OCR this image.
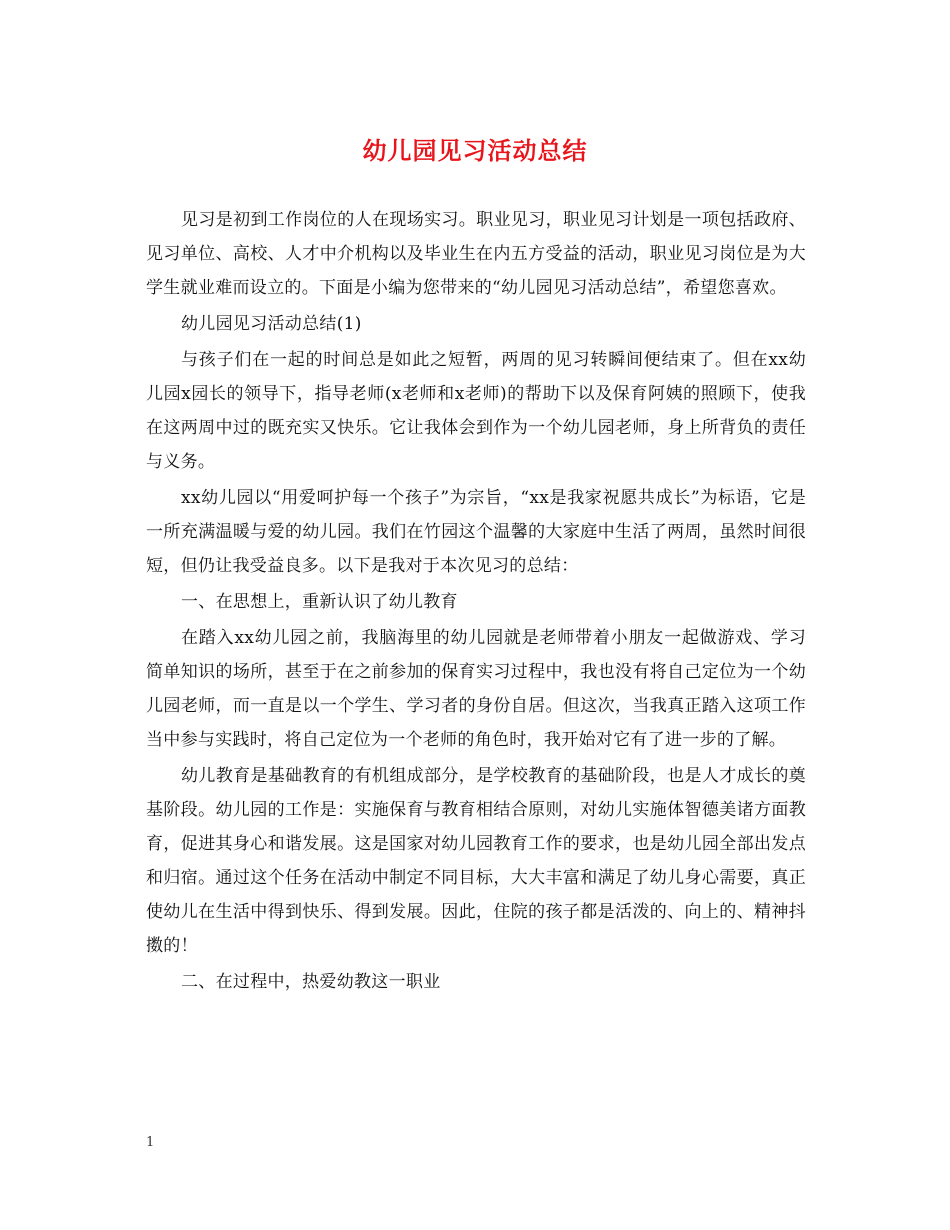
幼儿园见习活动总结

见习是初到工作岗位的人在现场实习。职业见习，职业见习计划是一项包括政府、见习单位、高校、人才中介机构以及毕业生在内五方受益的活动，职业见习岗位是为大学生就业难而设立的。下面是小编为您带来的“幼儿园见习活动总结”，希望您喜欢。

幼儿园见习活动总结(1)

与孩子们在一起的时间总是如此之短暂，两周的见习转瞬间便结束了。但在xx幼儿园x园长的领导下，指导老师(x老师和x老师)的帮助下以及保育阿姨的照顾下，使我在这两周中过的既充实又快乐。它让我体会到作为一个幼儿园老师，身上所背负的责任与义务。

xx幼儿园以“用爱呵护每一个孩子”为宗旨，“xx是我家祝愿共成长”为标语，它是一所充满温暖与爱的幼儿园。我们在竹园这个温馨的大家庭中生活了两周，虽然时间很短，但仍让我受益良多。以下是我对于本次见习的总结：

一、在思想上，重新认识了幼儿教育

在踏入xx幼儿园之前，我脑海里的幼儿园就是老师带着小朋友一起做游戏、学习简单知识的场所，甚至于在之前参加的保育实习过程中，我也没有将自己定位为一个幼儿园老师，而一直是以一个学生、学习者的身份自居。但这次，当我真正踏入这项工作当中参与实践时，将自己定位为一个老师的角色时，我开始对它有了进一步的了解。

幼儿教育是基础教育的有机组成部分，是学校教育的基础阶段，也是人才成长的奠基阶段。幼儿园的工作是：实施保育与教育相结合原则，对幼儿实施体智德美诸方面教育，促进其身心和谐发展。这是国家对幼儿园教育工作的要求，也是幼儿园全部出发点和归宿。通过这个任务在活动中制定不同目标，大大丰富和满足了幼儿身心需要，真正使幼儿在生活中得到快乐、得到发展。因此，住院的孩子都是活泼的、向上的、精神抖擞的！

二、在过程中，热爱幼教这一职业

1
